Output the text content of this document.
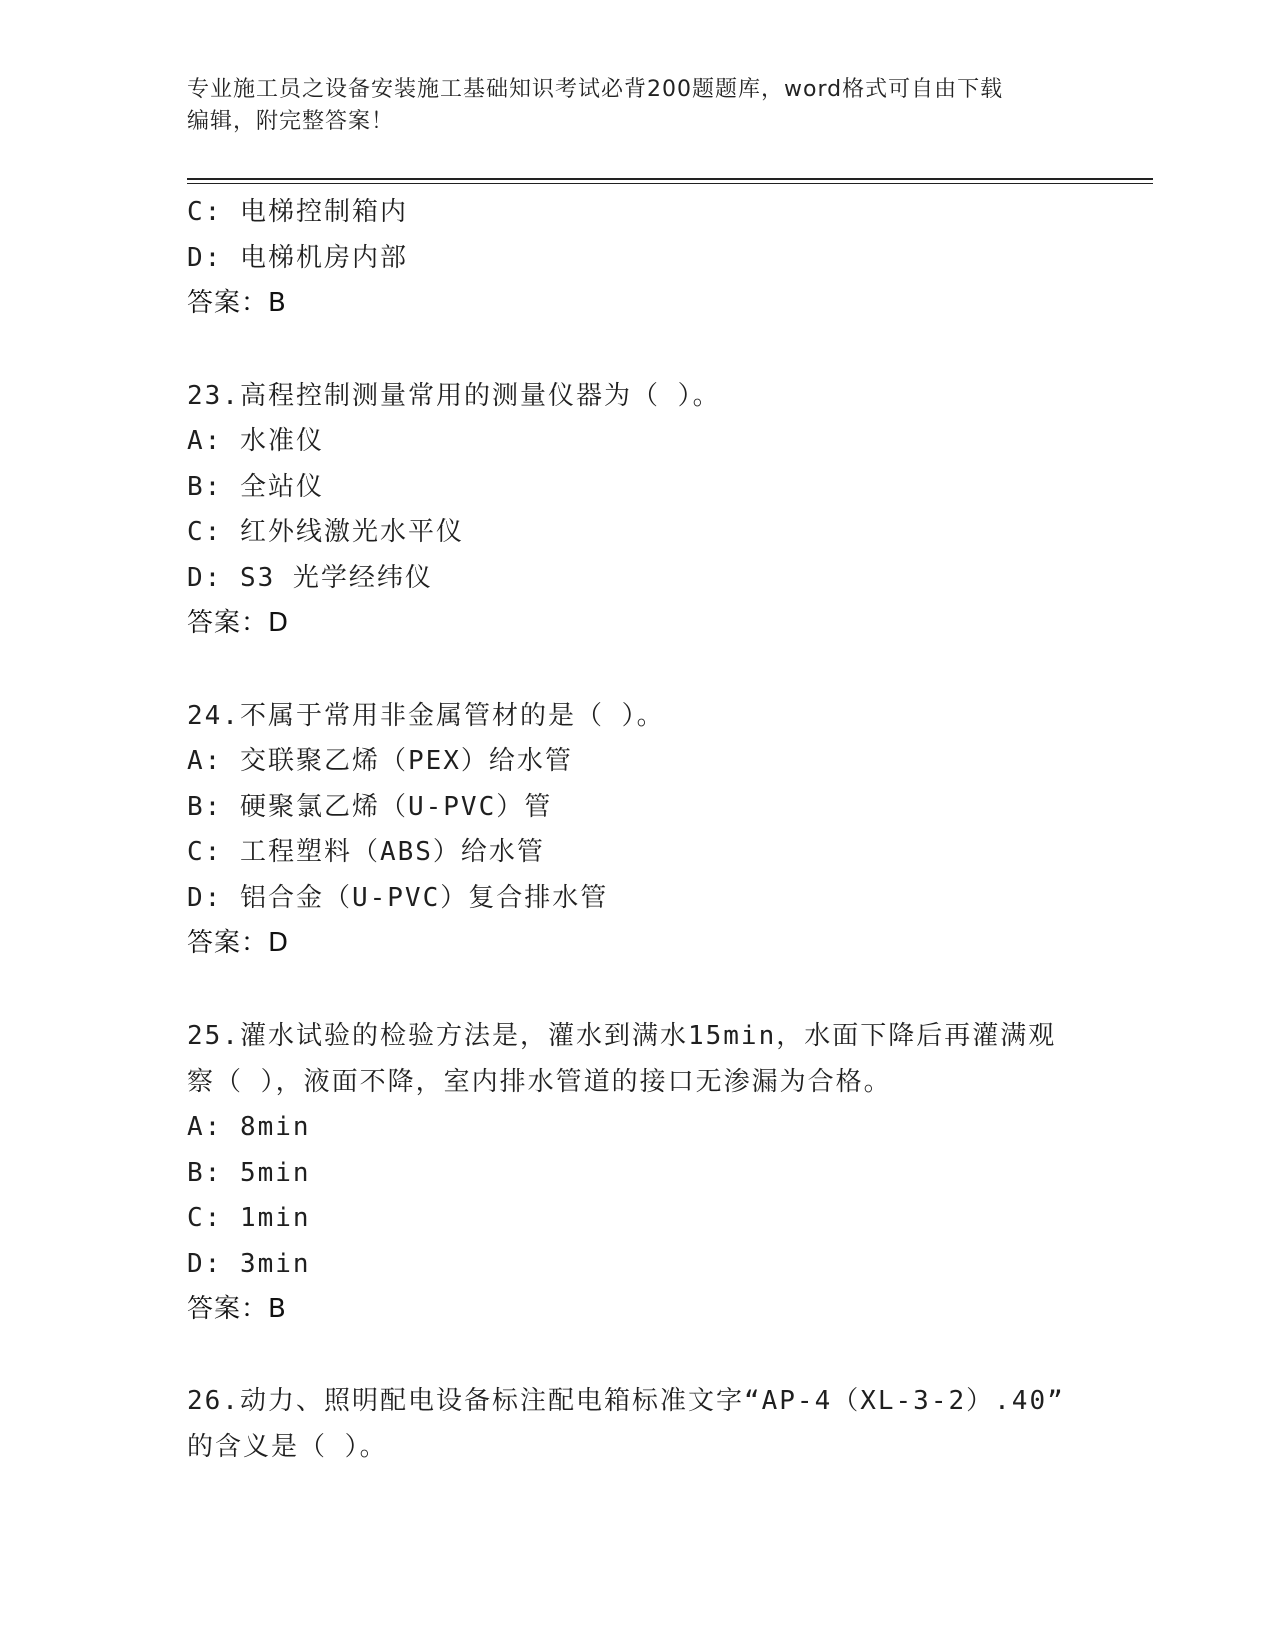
专业施工员之设备安装施工基础知识考试必背200题题库，word格式可自由下载
编辑，附完整答案！
C: 电梯控制箱内
D: 电梯机房内部
答案：B
23.高程控制测量常用的测量仪器为（ ）。
A: 水准仪
B: 全站仪
C: 红外线激光水平仪
D: S3 光学经纬仪
答案：D
24.不属于常用非金属管材的是（ ）。
A: 交联聚乙烯（PEX）给水管
B: 硬聚氯乙烯（U-PVC）管
C: 工程塑料（ABS）给水管
D: 铝合金（U-PVC）复合排水管
答案：D
25.灌水试验的检验方法是，灌水到满水15min，水面下降后再灌满观
察（ ），液面不降，室内排水管道的接口无渗漏为合格。
A: 8min
B: 5min
C: 1min
D: 3min
答案：B
26.动力、照明配电设备标注配电箱标准文字“AP-4（XL-3-2）.40”
的含义是（ ）。
